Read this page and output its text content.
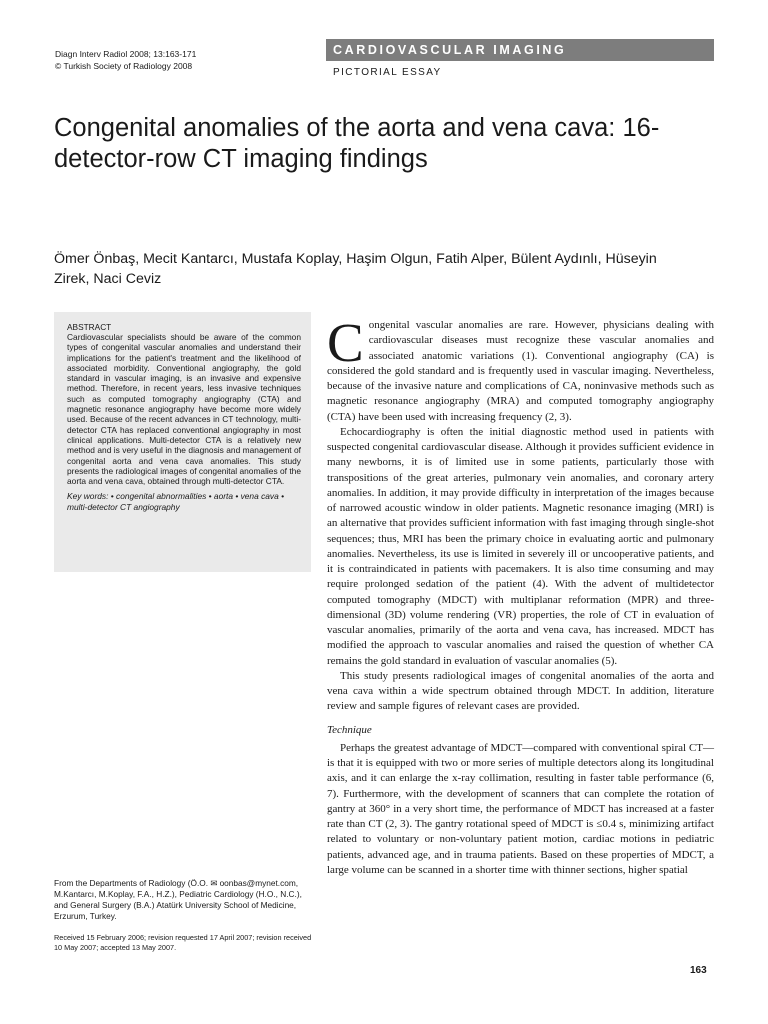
Diagn Interv Radiol 2008; 13:163-171
© Turkish Society of Radiology 2008
CARDIOVASCULAR IMAGING
PICTORIAL ESSAY
Congenital anomalies of the aorta and vena cava: 16-detector-row CT imaging findings
Ömer Önbaş, Mecit Kantarcı, Mustafa Koplay, Haşim Olgun, Fatih Alper, Bülent Aydınlı, Hüseyin Zirek, Naci Ceviz
ABSTRACT

Cardiovascular specialists should be aware of the common types of congenital vascular anomalies and understand their implications for the patient's treatment and the likelihood of associated morbidity. Conventional angiography, the gold standard in vascular imaging, is an invasive and expensive method. Therefore, in recent years, less invasive techniques such as computed tomography angiography (CTA) and magnetic resonance angiography have become more widely used. Because of the recent advances in CT technology, multi-detector CTA has replaced conventional angiography in most clinical applications. Multi-detector CTA is a relatively new method and is very useful in the diagnosis and management of congenital aorta and vena cava anomalies. This study presents the radiological images of congenital anomalies of the aorta and vena cava, obtained through multi-detector CTA.

Key words: • congenital abnormalities • aorta • vena cava • multi-detector CT angiography

Congenital vascular anomalies are rare. However, physicians dealing with cardiovascular diseases must recognize these vascular anomalies and associated anatomic variations (1). Conventional angiography (CA) is considered the gold standard and is frequently used in vascular imaging. Nevertheless, because of the invasive nature and complications of CA, noninvasive methods such as magnetic resonance angiography (MRA) and computed tomography angiography (CTA) have been used with increasing frequency (2, 3).

Echocardiography is often the initial diagnostic method used in patients with suspected congenital cardiovascular disease. Although it provides sufficient evidence in many newborns, it is of limited use in some patients, particularly those with transpositions of the great arteries, pulmonary vein anomalies, and coronary artery anomalies. In addition, it may provide difficulty in interpretation of the images because of narrowed acoustic window in older patients. Magnetic resonance imaging (MRI) is an alternative that provides sufficient information with fast imaging through single-shot sequences; thus, MRI has been the primary choice in evaluating aortic and pulmonary anomalies. Nevertheless, its use is limited in severely ill or uncooperative patients, and it is contraindicated in patients with pacemakers. It is also time consuming and may require prolonged sedation of the patient (4). With the advent of multidetector computed tomography (MDCT) with multiplanar reformation (MPR) and three-dimensional (3D) volume rendering (VR) properties, the role of CT in evaluation of vascular anomalies, primarily of the aorta and vena cava, has increased. MDCT has modified the approach to vascular anomalies and raised the question of whether CA remains the gold standard in evaluation of vascular anomalies (5).

This study presents radiological images of congenital anomalies of the aorta and vena cava within a wide spectrum obtained through MDCT. In addition, literature review and sample figures of relevant cases are provided.

Technique

Perhaps the greatest advantage of MDCT—compared with conventional spiral CT—is that it is equipped with two or more series of multiple detectors along its longitudinal axis, and it can enlarge the x-ray collimation, resulting in faster table performance (6, 7). Furthermore, with the development of scanners that can complete the rotation of gantry at 360° in a very short time, the performance of MDCT has increased at a faster rate than CT (2, 3). The gantry rotational speed of MDCT is ≤0.4 s, minimizing artifact related to voluntary or non-voluntary patient motion, cardiac motions in pediatric patients, advanced age, and in trauma patients. Based on these properties of MDCT, a large volume can be scanned in a shorter time with thinner sections, higher spatial

From the Departments of Radiology (Ö.O. ✉ oonbas@mynet.com, M.Kantarcı, M.Koplay, F.A., H.Z.), Pediatric Cardiology (H.O., N.C.), and General Surgery (B.A.) Atatürk University School of Medicine, Erzurum, Turkey.
Received 15 February 2006; revision requested 17 April 2007; revision received 10 May 2007; accepted 13 May 2007.
163
